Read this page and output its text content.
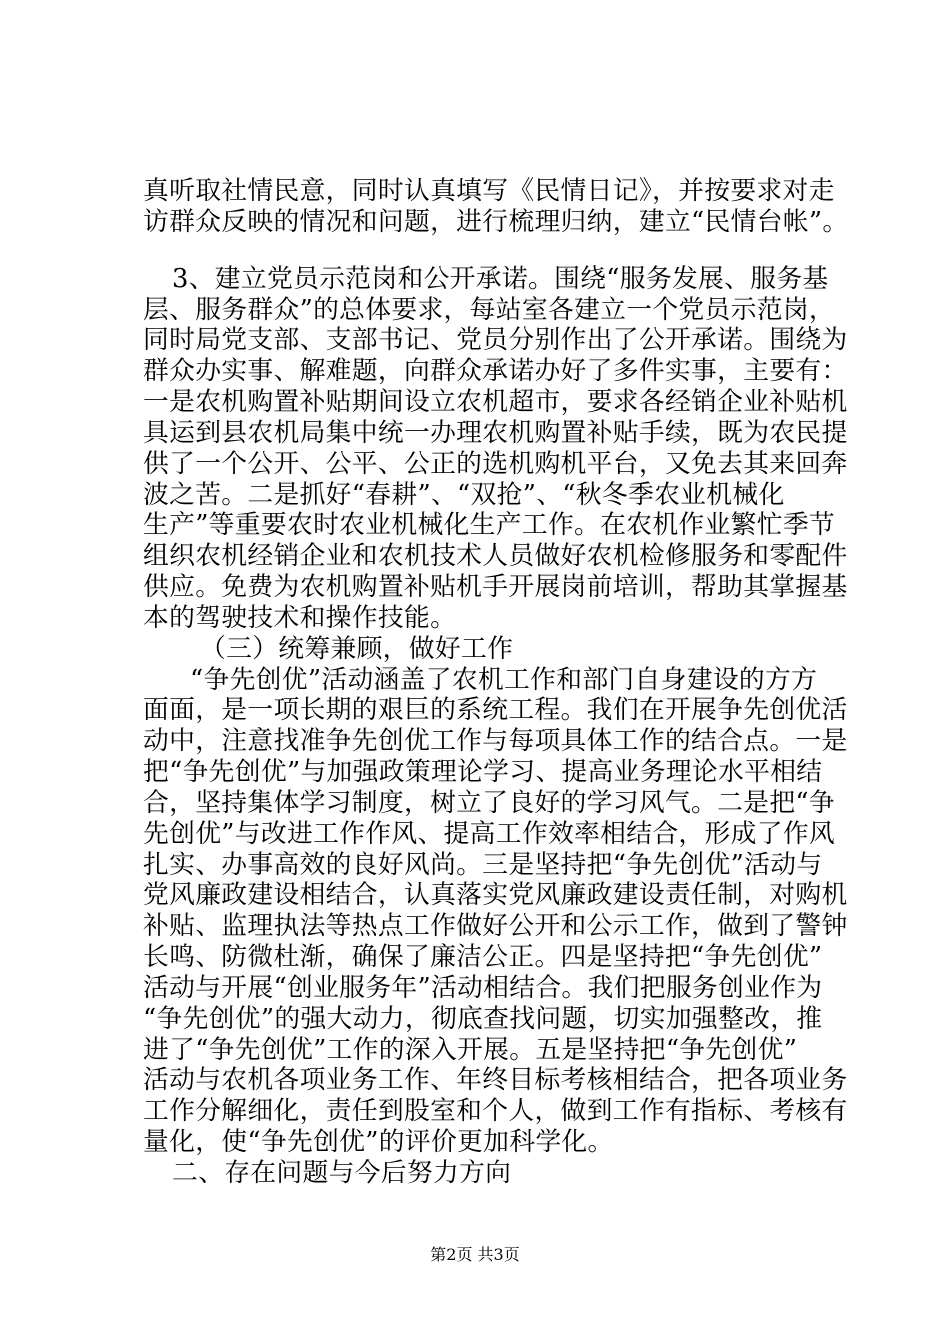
真听取社情民意，同时认真填写《民情日记》，并按要求对走
访群众反映的情况和问题，进行梳理归纳，建立“民情台帐”。
3、建立党员示范岗和公开承诺。围绕“服务发展、服务基
层、服务群众”的总体要求，每站室各建立一个党员示范岗，
同时局党支部、支部书记、党员分别作出了公开承诺。围绕为
群众办实事、解难题，向群众承诺办好了多件实事，主要有：
一是农机购置补贴期间设立农机超市，要求各经销企业补贴机
具运到县农机局集中统一办理农机购置补贴手续，既为农民提
供了一个公开、公平、公正的选机购机平台，又免去其来回奔
波之苦。二是抓好“春耕”、“双抢”、“秋冬季农业机械化
生产”等重要农时农业机械化生产工作。在农机作业繁忙季节
组织农机经销企业和农机技术人员做好农机检修服务和零配件
供应。免费为农机购置补贴机手开展岗前培训，帮助其掌握基
本的驾驶技术和操作技能。
（三）统筹兼顾，做好工作
“争先创优”活动涵盖了农机工作和部门自身建设的方方
面面，是一项长期的艰巨的系统工程。我们在开展争先创优活
动中，注意找准争先创优工作与每项具体工作的结合点。一是
把“争先创优”与加强政策理论学习、提高业务理论水平相结
合，坚持集体学习制度，树立了良好的学习风气。二是把“争
先创优”与改进工作作风、提高工作效率相结合，形成了作风
扎实、办事高效的良好风尚。三是坚持把“争先创优”活动与
党风廉政建设相结合，认真落实党风廉政建设责任制，对购机
补贴、监理执法等热点工作做好公开和公示工作，做到了警钟
长鸣、防微杜渐，确保了廉洁公正。四是坚持把“争先创优”
活动与开展“创业服务年”活动相结合。我们把服务创业作为
“争先创优”的强大动力，彻底查找问题，切实加强整改，推
进了“争先创优”工作的深入开展。五是坚持把“争先创优”
活动与农机各项业务工作、年终目标考核相结合，把各项业务
工作分解细化，责任到股室和个人，做到工作有指标、考核有
量化，使“争先创优”的评价更加科学化。
二、存在问题与今后努力方向
第2页 共3页
